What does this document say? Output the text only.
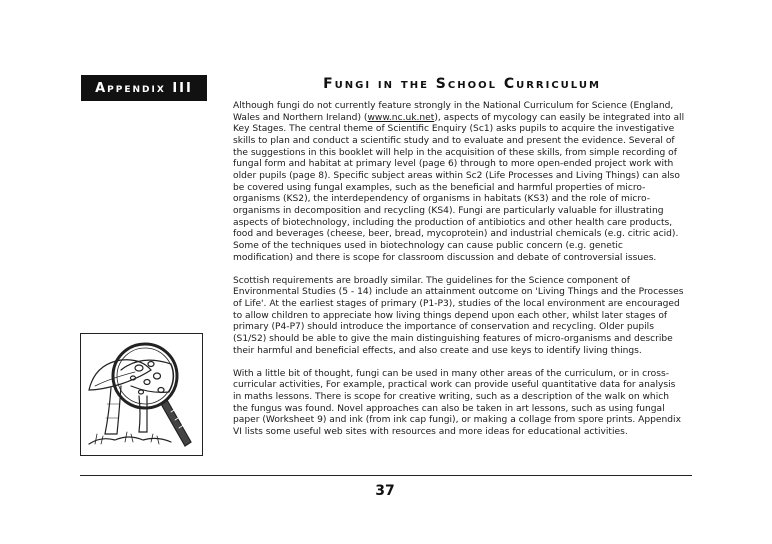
Appendix III	Fungi in the School Curriculum

Although fungi do not currently feature strongly in the National Curriculum for Science (England, Wales and Northern Ireland) (www.nc.uk.net), aspects of mycology can easily be integrated into all Key Stages. The central theme of Scientific Enquiry (Sc1) asks pupils to acquire the investigative skills to plan and conduct a scientific study and to evaluate and present the evidence. Several of the suggestions in this booklet will help in the acquisition of these skills, from simple recording of fungal form and habitat at primary level (page 6) through to more open-ended project work with older pupils (page 8). Specific subject areas within Sc2 (Life Processes and Living Things) can also be covered using fungal examples, such as the beneficial and harmful properties of micro-organisms (KS2), the interdependency of organisms in habitats (KS3) and the role of micro-organisms in decomposition and recycling (KS4). Fungi are particularly valuable for illustrating aspects of biotechnology, including the production of antibiotics and other health care products, food and beverages (cheese, beer, bread, mycoprotein) and industrial chemicals (e.g. citric acid). Some of the techniques used in biotechnology can cause public concern (e.g. genetic modification) and there is scope for classroom discussion and debate of controversial issues.

Scottish requirements are broadly similar. The guidelines for the Science component of Environmental Studies (5 - 14) include an attainment outcome on 'Living Things and the Processes of Life'. At the earliest stages of primary (P1-P3), studies of the local environment are encouraged to allow children to appreciate how living things depend upon each other, whilst later stages of primary (P4-P7) should introduce the importance of conservation and recycling. Older pupils (S1/S2) should be able to give the main distinguishing features of micro-organisms and describe their harmful and beneficial effects, and also create and use keys to identify living things.

With a little bit of thought, fungi can be used in many other areas of the curriculum, or in cross-curricular activities, For example, practical work can provide useful quantitative data for analysis in maths lessons. There is scope for creative writing, such as a description of the walk on which the fungus was found. Novel approaches can also be taken in art lessons, such as using fungal paper (Worksheet 9) and ink (from ink cap fungi), or making a collage from spore prints. Appendix VI lists some useful web sites with resources and more ideas for educational activities.

37
